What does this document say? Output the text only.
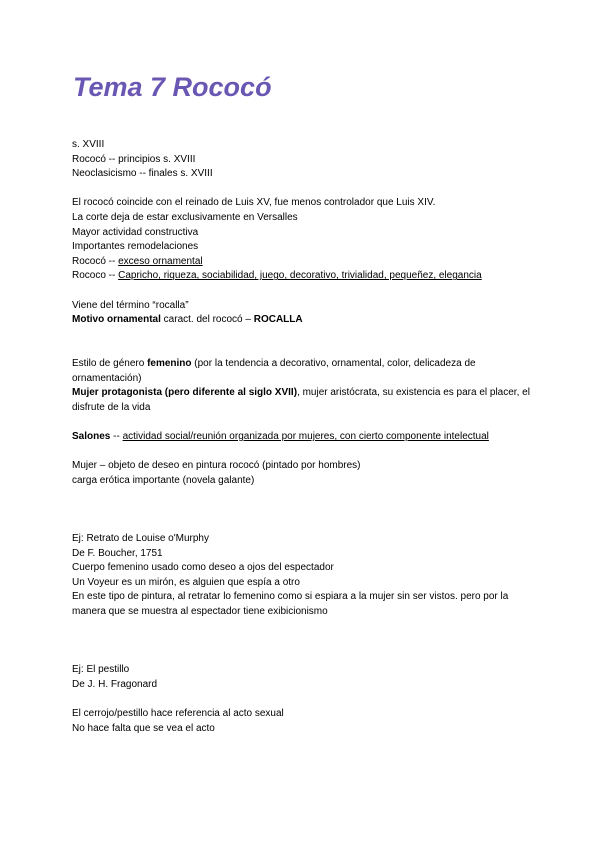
Tema 7 Rococó
s. XVIII
Rococó -- principios s. XVIII
Neoclasicismo -- finales s. XVIII
El rococó coincide con el reinado de Luis XV, fue menos controlador que Luis XIV.
La corte deja de estar exclusivamente en Versalles
Mayor actividad constructiva
Importantes remodelaciones
Rococó -- exceso ornamental
Rococo -- Capricho, riqueza, sociabilidad, juego, decorativo, trivialidad, pequeñez, elegancia
Viene del término “rocalla”
Motivo ornamental caract. del rococó – ROCALLA
Estilo de género femenino (por la tendencia a decorativo, ornamental, color, delicadeza de ornamentación)
Mujer protagonista (pero diferente al siglo XVII), mujer aristócrata, su existencia es para el placer, el disfrute de la vida
Salones -- actividad social/reunión organizada por mujeres, con cierto componente intelectual
Mujer – objeto de deseo en pintura rococó (pintado por hombres)
carga erótica importante (novela galante)
Ej: Retrato de Louise o'Murphy
De F. Boucher, 1751
Cuerpo femenino usado como deseo a ojos del espectador
Un Voyeur es un mirón, es alguien que espía a otro
En este tipo de pintura, al retratar lo femenino como si espiara a la mujer sin ser vistos. pero por la manera que se muestra al espectador tiene exibicionismo
Ej: El pestillo
De J. H. Fragonard
El cerrojo/pestillo hace referencia al acto sexual
No hace falta que se vea el acto
